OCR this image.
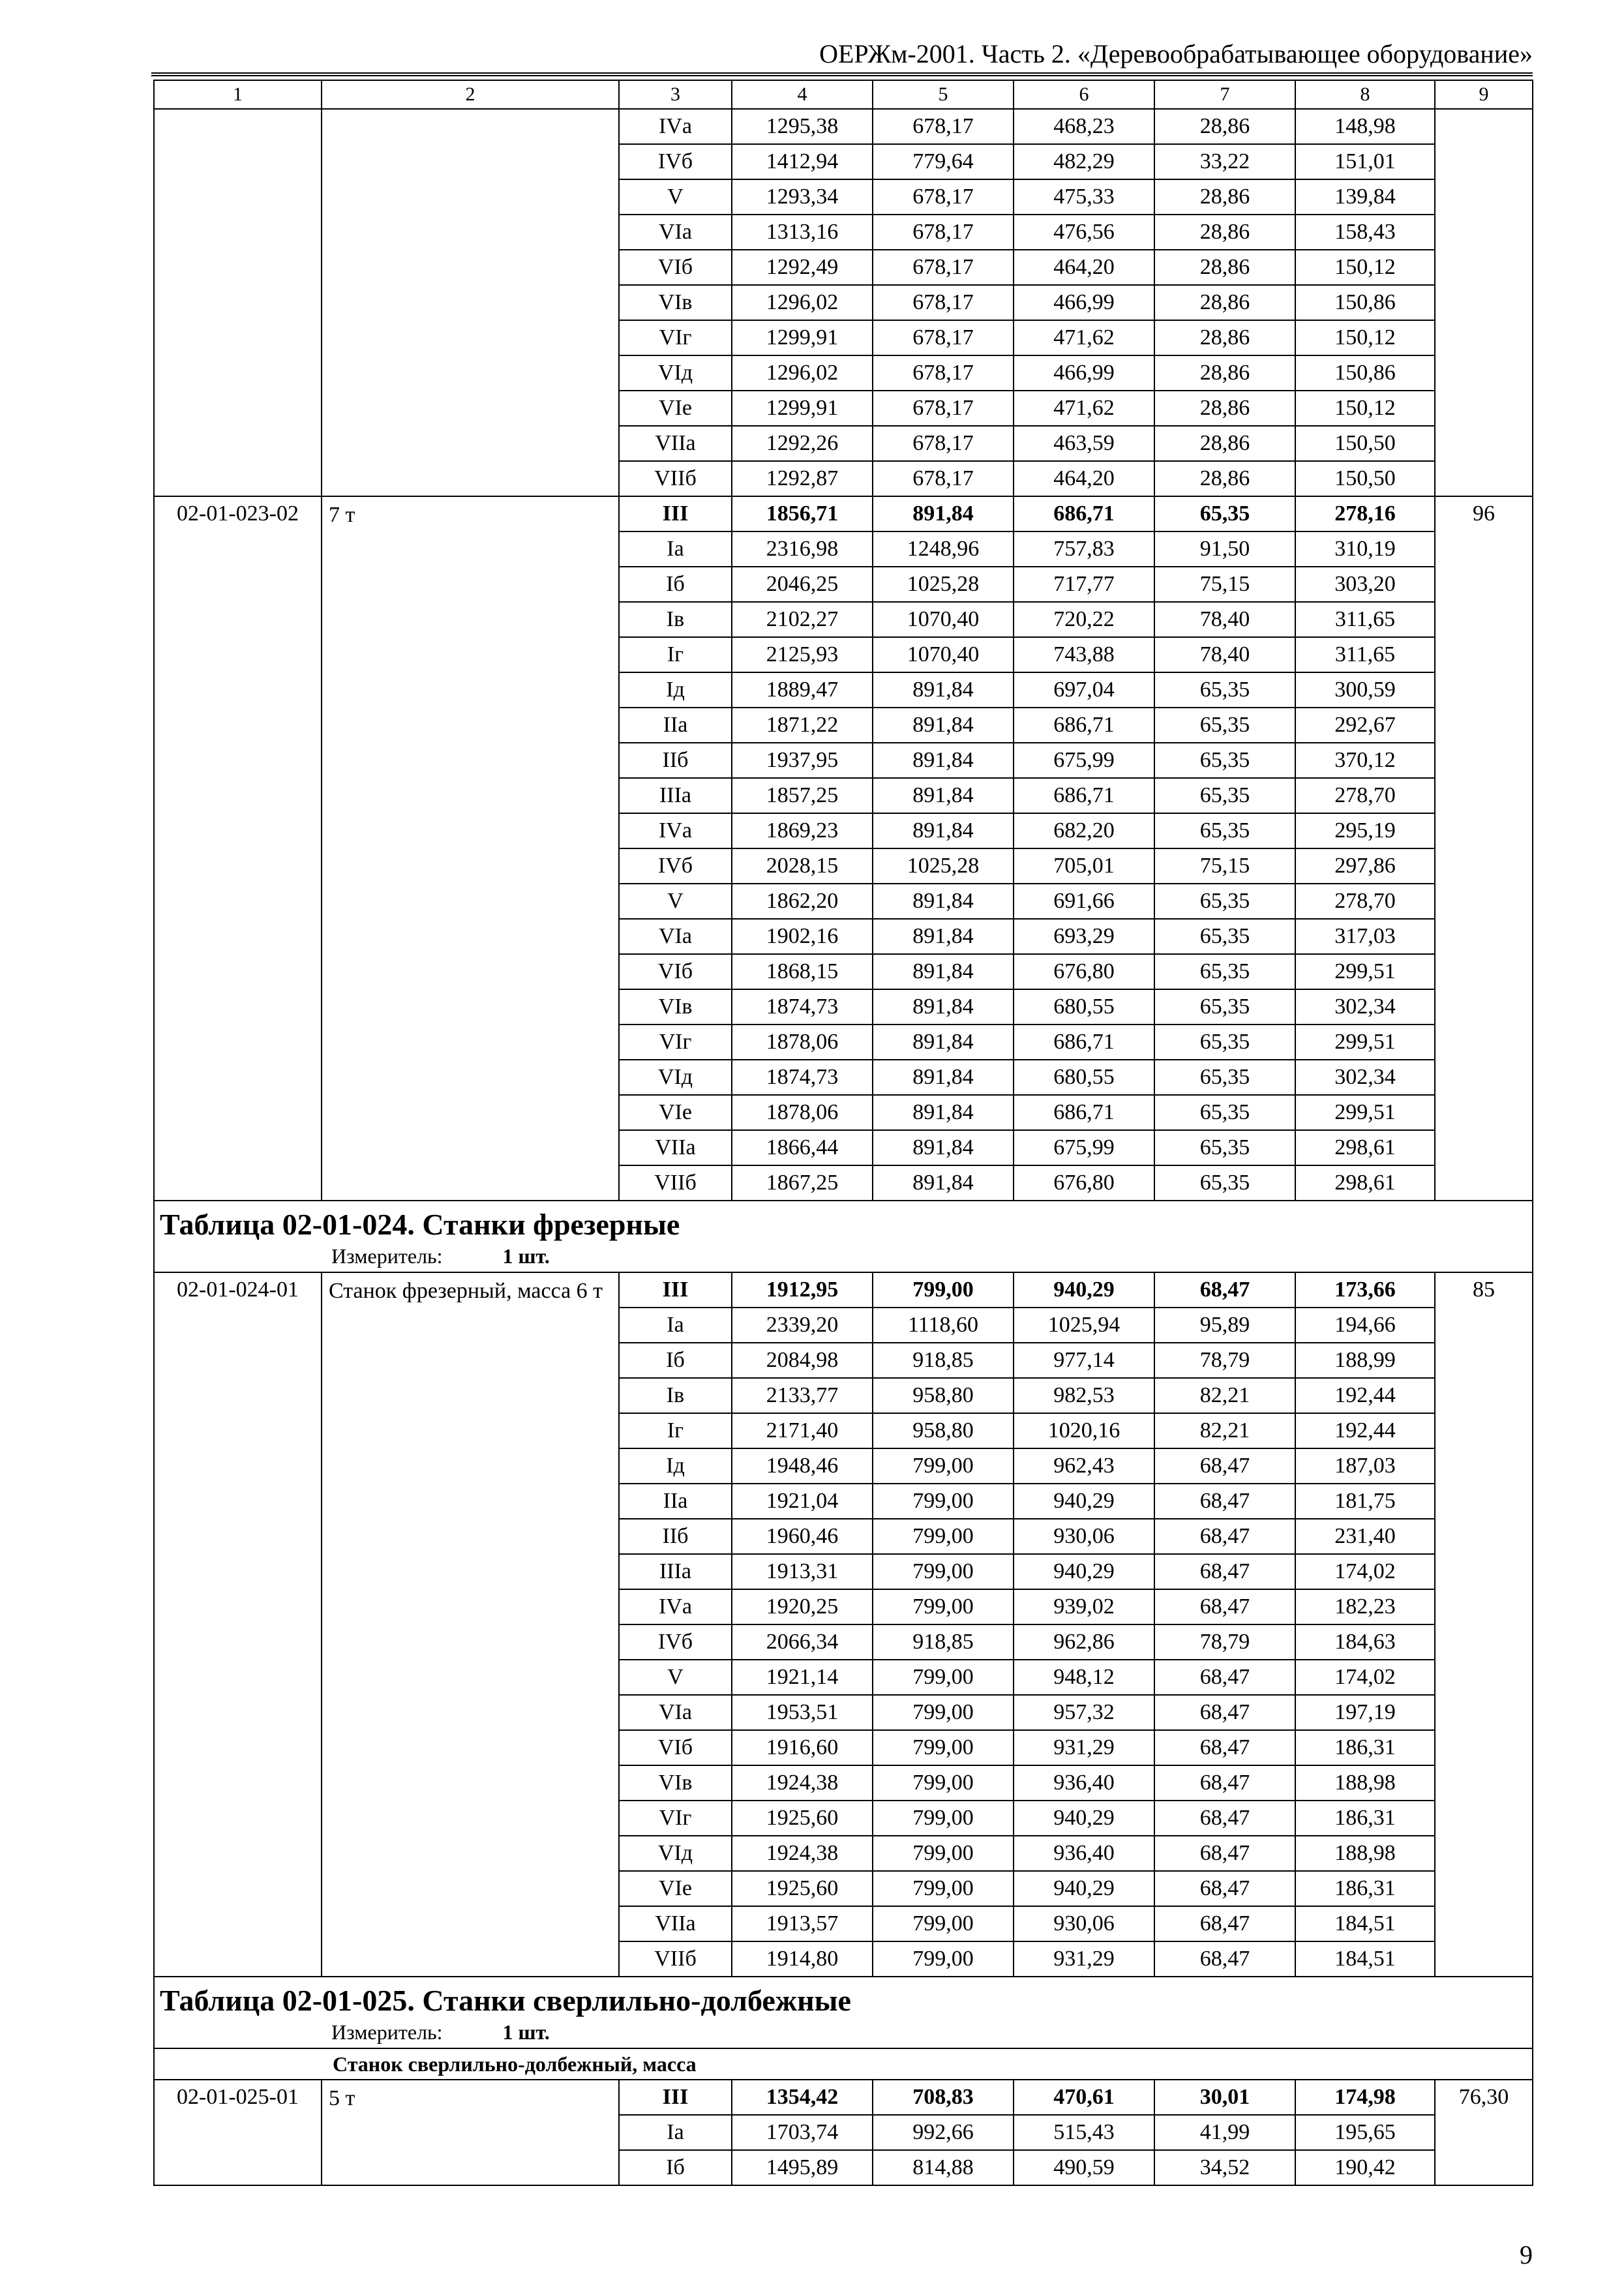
ОЕРЖм-2001. Часть 2. «Деревообрабатывающее оборудование»
1	2	3	4	5	6	7	8	9
		IVа	1295,38	678,17	468,23	28,86	148,98	
		IVб	1412,94	779,64	482,29	33,22	151,01	
		V	1293,34	678,17	475,33	28,86	139,84	
		VIа	1313,16	678,17	476,56	28,86	158,43	
		VIб	1292,49	678,17	464,20	28,86	150,12	
		VIв	1296,02	678,17	466,99	28,86	150,86	
		VIг	1299,91	678,17	471,62	28,86	150,12	
		VIд	1296,02	678,17	466,99	28,86	150,86	
		VIе	1299,91	678,17	471,62	28,86	150,12	
		VIIа	1292,26	678,17	463,59	28,86	150,50	
		VIIб	1292,87	678,17	464,20	28,86	150,50	
02-01-023-02	7 т	III	1856,71	891,84	686,71	65,35	278,16	96
		Iа	2316,98	1248,96	757,83	91,50	310,19	
		Iб	2046,25	1025,28	717,77	75,15	303,20	
		Iв	2102,27	1070,40	720,22	78,40	311,65	
		Iг	2125,93	1070,40	743,88	78,40	311,65	
		Iд	1889,47	891,84	697,04	65,35	300,59	
		IIа	1871,22	891,84	686,71	65,35	292,67	
		IIб	1937,95	891,84	675,99	65,35	370,12	
		IIIа	1857,25	891,84	686,71	65,35	278,70	
		IVа	1869,23	891,84	682,20	65,35	295,19	
		IVб	2028,15	1025,28	705,01	75,15	297,86	
		V	1862,20	891,84	691,66	65,35	278,70	
		VIа	1902,16	891,84	693,29	65,35	317,03	
		VIб	1868,15	891,84	676,80	65,35	299,51	
		VIв	1874,73	891,84	680,55	65,35	302,34	
		VIг	1878,06	891,84	686,71	65,35	299,51	
		VIд	1874,73	891,84	680,55	65,35	302,34	
		VIе	1878,06	891,84	686,71	65,35	299,51	
		VIIа	1866,44	891,84	675,99	65,35	298,61	
		VIIб	1867,25	891,84	676,80	65,35	298,61	

Таблица 02-01-024. Станки фрезерные
Измеритель: 1 шт.								

02-01-024-01	Станок фрезерный, масса 6 т	III	1912,95	799,00	940,29	68,47	173,66	85
		Iа	2339,20	1118,60	1025,94	95,89	194,66	
		Iб	2084,98	918,85	977,14	78,79	188,99	
		Iв	2133,77	958,80	982,53	82,21	192,44	
		Iг	2171,40	958,80	1020,16	82,21	192,44	
		Iд	1948,46	799,00	962,43	68,47	187,03	
		IIа	1921,04	799,00	940,29	68,47	181,75	
		IIб	1960,46	799,00	930,06	68,47	231,40	
		IIIа	1913,31	799,00	940,29	68,47	174,02	
		IVа	1920,25	799,00	939,02	68,47	182,23	
		IVб	2066,34	918,85	962,86	78,79	184,63	
		V	1921,14	799,00	948,12	68,47	174,02	
		VIа	1953,51	799,00	957,32	68,47	197,19	
		VIб	1916,60	799,00	931,29	68,47	186,31	
		VIв	1924,38	799,00	936,40	68,47	188,98	
		VIг	1925,60	799,00	940,29	68,47	186,31	
		VIд	1924,38	799,00	936,40	68,47	188,98	
		VIе	1925,60	799,00	940,29	68,47	186,31	
		VIIа	1913,57	799,00	930,06	68,47	184,51	
		VIIб	1914,80	799,00	931,29	68,47	184,51	

Таблица 02-01-025. Станки сверлильно-долбежные
Измеритель: 1 шт.								

Станок сверлильно-долбежный, масса								
02-01-025-01	5 т	III	1354,42	708,83	470,61	30,01	174,98	76,30
		Iа	1703,74	992,66	515,43	41,99	195,65	
		Iб	1495,89	814,88	490,59	34,52	190,42	
9
